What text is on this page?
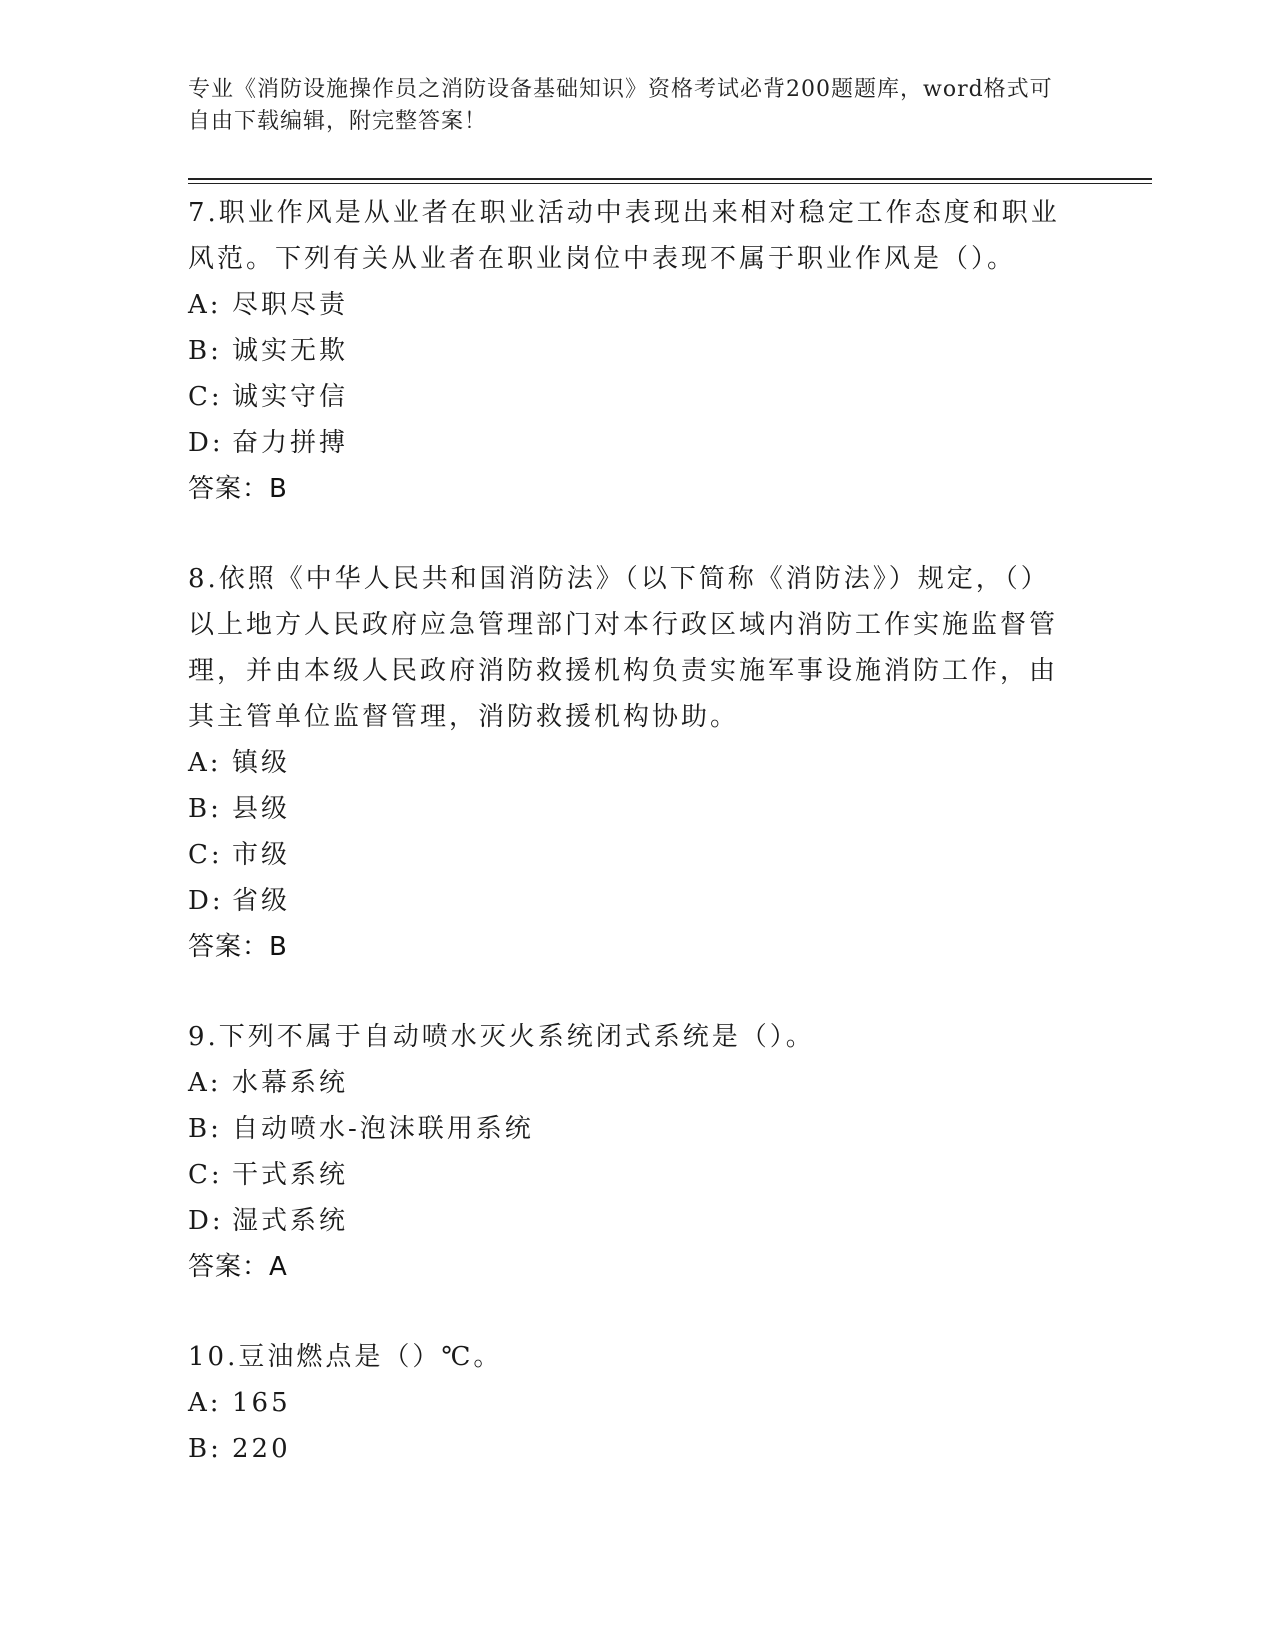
专业《消防设施操作员之消防设备基础知识》资格考试必背200题题库，word格式可自由下载编辑，附完整答案！

7.职业作风是从业者在职业活动中表现出来相对稳定工作态度和职业风范。下列有关从业者在职业岗位中表现不属于职业作风是（）。

A: 尽职尽责

B: 诚实无欺

C: 诚实守信

D: 奋力拼搏

答案：B

8.依照《中华人民共和国消防法》（以下简称《消防法》）规定，（）以上地方人民政府应急管理部门对本行政区域内消防工作实施监督管理，并由本级人民政府消防救援机构负责实施军事设施消防工作，由其主管单位监督管理，消防救援机构协助。

A: 镇级

B: 县级

C: 市级

D: 省级

答案：B

9.下列不属于自动喷水灭火系统闭式系统是（）。

A: 水幕系统

B: 自动喷水-泡沫联用系统

C: 干式系统

D: 湿式系统

答案：A

10.豆油燃点是（）℃。

A: 165

B: 220
